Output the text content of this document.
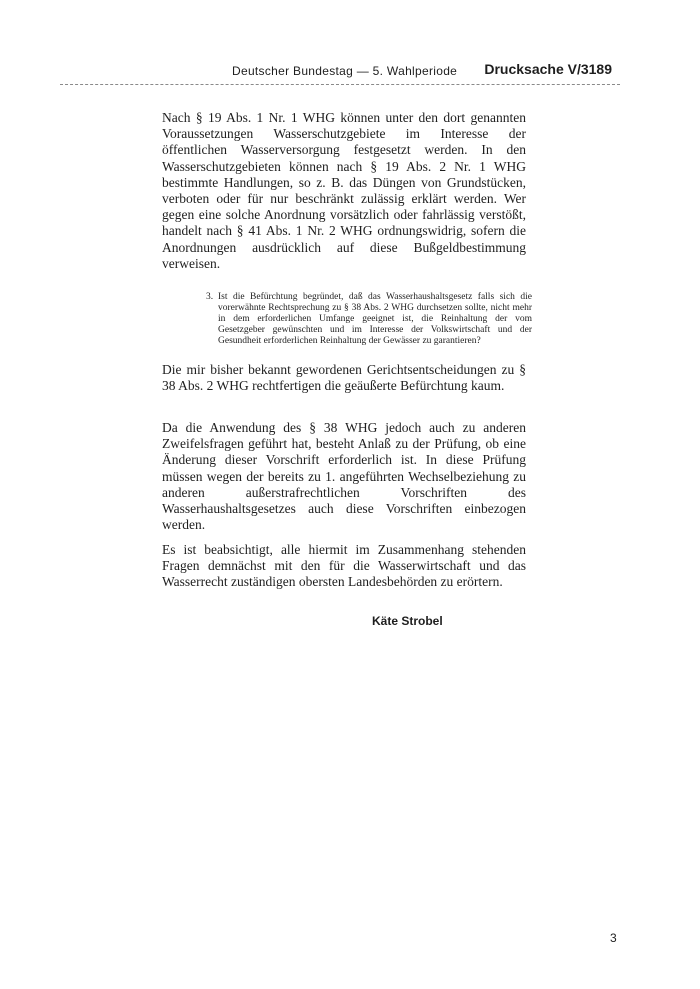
Deutscher Bundestag — 5. Wahlperiode Drucksache V/3189

Nach § 19 Abs. 1 Nr. 1 WHG können unter den dort genannten Voraussetzungen Wasserschutzgebiete im Interesse der öffentlichen Wasserversorgung festgesetzt werden. In den Wasserschutzgebieten können nach § 19 Abs. 2 Nr. 1 WHG bestimmte Handlungen, so z. B. das Düngen von Grundstücken, verboten oder für nur beschränkt zulässig erklärt werden. Wer gegen eine solche Anordnung vorsätzlich oder fahrlässig verstößt, handelt nach § 41 Abs. 1 Nr. 2 WHG ordnungswidrig, sofern die Anordnungen ausdrücklich auf diese Bußgeldbestimmung verweisen.

3. Ist die Befürchtung begründet, daß das Wasserhaushaltsgesetz falls sich die vorerwähnte Rechtsprechung zu § 38 Abs. 2 WHG durchsetzen sollte, nicht mehr in dem erforderlichen Umfange geeignet ist, die Reinhaltung der vom Gesetzgeber gewünschten und im Interesse der Volkswirtschaft und der Gesundheit erforderlichen Reinhaltung der Gewässer zu garantieren?

Die mir bisher bekannt gewordenen Gerichtsentscheidungen zu § 38 Abs. 2 WHG rechtfertigen die geäußerte Befürchtung kaum.

Da die Anwendung des § 38 WHG jedoch auch zu anderen Zweifelsfragen geführt hat, besteht Anlaß zu der Prüfung, ob eine Änderung dieser Vorschrift erforderlich ist. In diese Prüfung müssen wegen der bereits zu 1. angeführten Wechselbeziehung zu anderen außerstrafrechtlichen Vorschriften des Wasserhaushaltsgesetzes auch diese Vorschriften einbezogen werden.

Es ist beabsichtigt, alle hiermit im Zusammenhang stehenden Fragen demnächst mit den für die Wasserwirtschaft und das Wasserrecht zuständigen obersten Landesbehörden zu erörtern.

Käte Strobel
3
